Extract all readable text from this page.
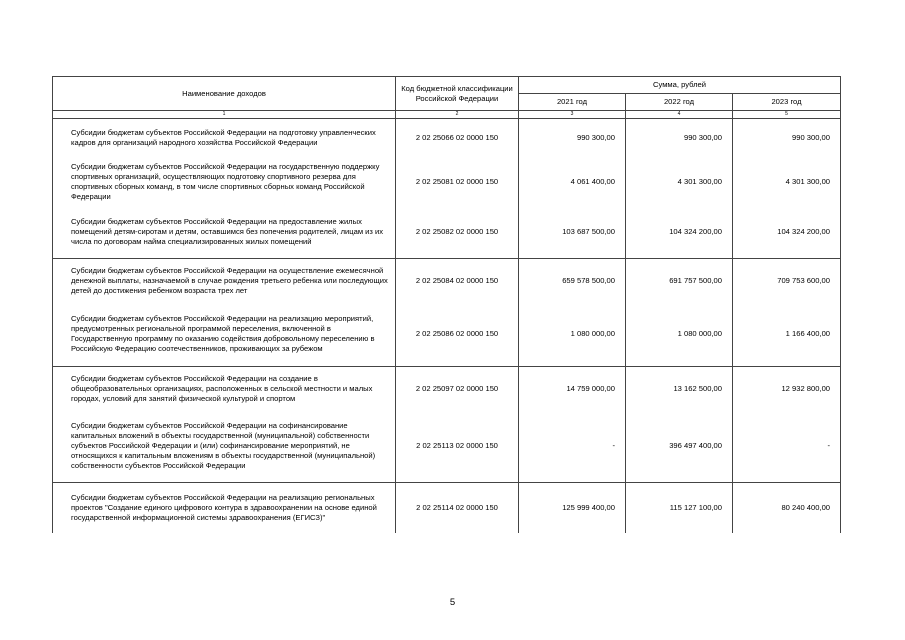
Наименование доходов	Код бюджетной классификации Российской Федерации	Сумма, рублей		
		2021 год	2022 год	2023 год
1	2	3	4	5
Субсидии бюджетам субъектов Российской Федерации на подготовку управленческих кадров для организаций народного хозяйства Российской Федерации	2 02 25066 02 0000 150	990 300,00	990 300,00	990 300,00
Субсидии бюджетам субъектов Российской Федерации на государственную поддержку спортивных организаций, осуществляющих подготовку спортивного резерва для спортивных сборных команд, в том числе спортивных сборных команд Российской Федерации	2 02 25081 02 0000 150	4 061 400,00	4 301 300,00	4 301 300,00
Субсидии бюджетам субъектов Российской Федерации на предоставление жилых помещений детям-сиротам и детям, оставшимся без попечения родителей, лицам из их числа по договорам найма специализированных жилых помещений	2 02 25082 02 0000 150	103 687 500,00	104 324 200,00	104 324 200,00
Субсидии бюджетам субъектов Российской Федерации на осуществление ежемесячной денежной выплаты, назначаемой в случае рождения третьего ребенка или последующих детей до достижения ребенком возраста трех лет	2 02 25084 02 0000 150	659 578 500,00	691 757 500,00	709 753 600,00
Субсидии бюджетам субъектов Российской Федерации на реализацию мероприятий, предусмотренных региональной программой переселения, включенной в Государственную программу по оказанию содействия добровольному переселению в Российскую Федерацию соотечественников, проживающих за рубежом	2 02 25086 02 0000 150	1 080 000,00	1 080 000,00	1 166 400,00
Субсидии бюджетам субъектов Российской Федерации на создание в общеобразовательных организациях, расположенных в сельской местности и малых городах, условий для занятий физической культурой и спортом	2 02 25097 02 0000 150	14 759 000,00	13 162 500,00	12 932 800,00
Субсидии бюджетам субъектов Российской Федерации на софинансирование капитальных вложений в объекты государственной (муниципальной) собственности субъектов Российской Федерации и (или) софинансирование мероприятий, не относящихся к капитальным вложениям в объекты государственной (муниципальной) собственности субъектов Российской Федерации	2 02 25113 02 0000 150	-	396 497 400,00	-
Субсидии бюджетам субъектов Российской Федерации на реализацию региональных проектов "Создание единого цифрового контура в здравоохранении на основе единой государственной информационной системы здравоохранения (ЕГИСЗ)"	2 02 25114 02 0000 150	125 999 400,00	115 127 100,00	80 240 400,00
5
